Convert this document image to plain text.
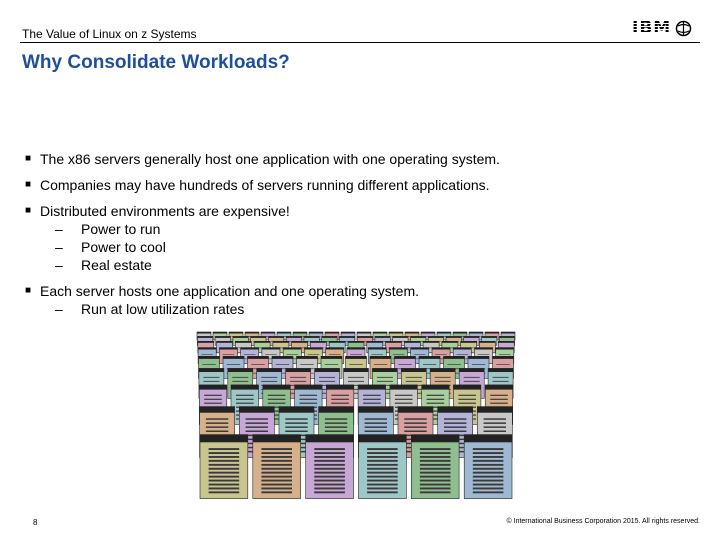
The Value of Linux on z Systems	IBM
Why Consolidate Workloads?
■ The x86 servers generally host one application with one operating system.
■ Companies may have hundreds of servers running different applications.
■ Distributed environments are expensive!
–	Power to run
–	Power to cool
–	Real estate
■ Each server hosts one application and one operating system.
–	Run at low utilization rates
8	© International Business Corporation 2015. All rights reserved.
